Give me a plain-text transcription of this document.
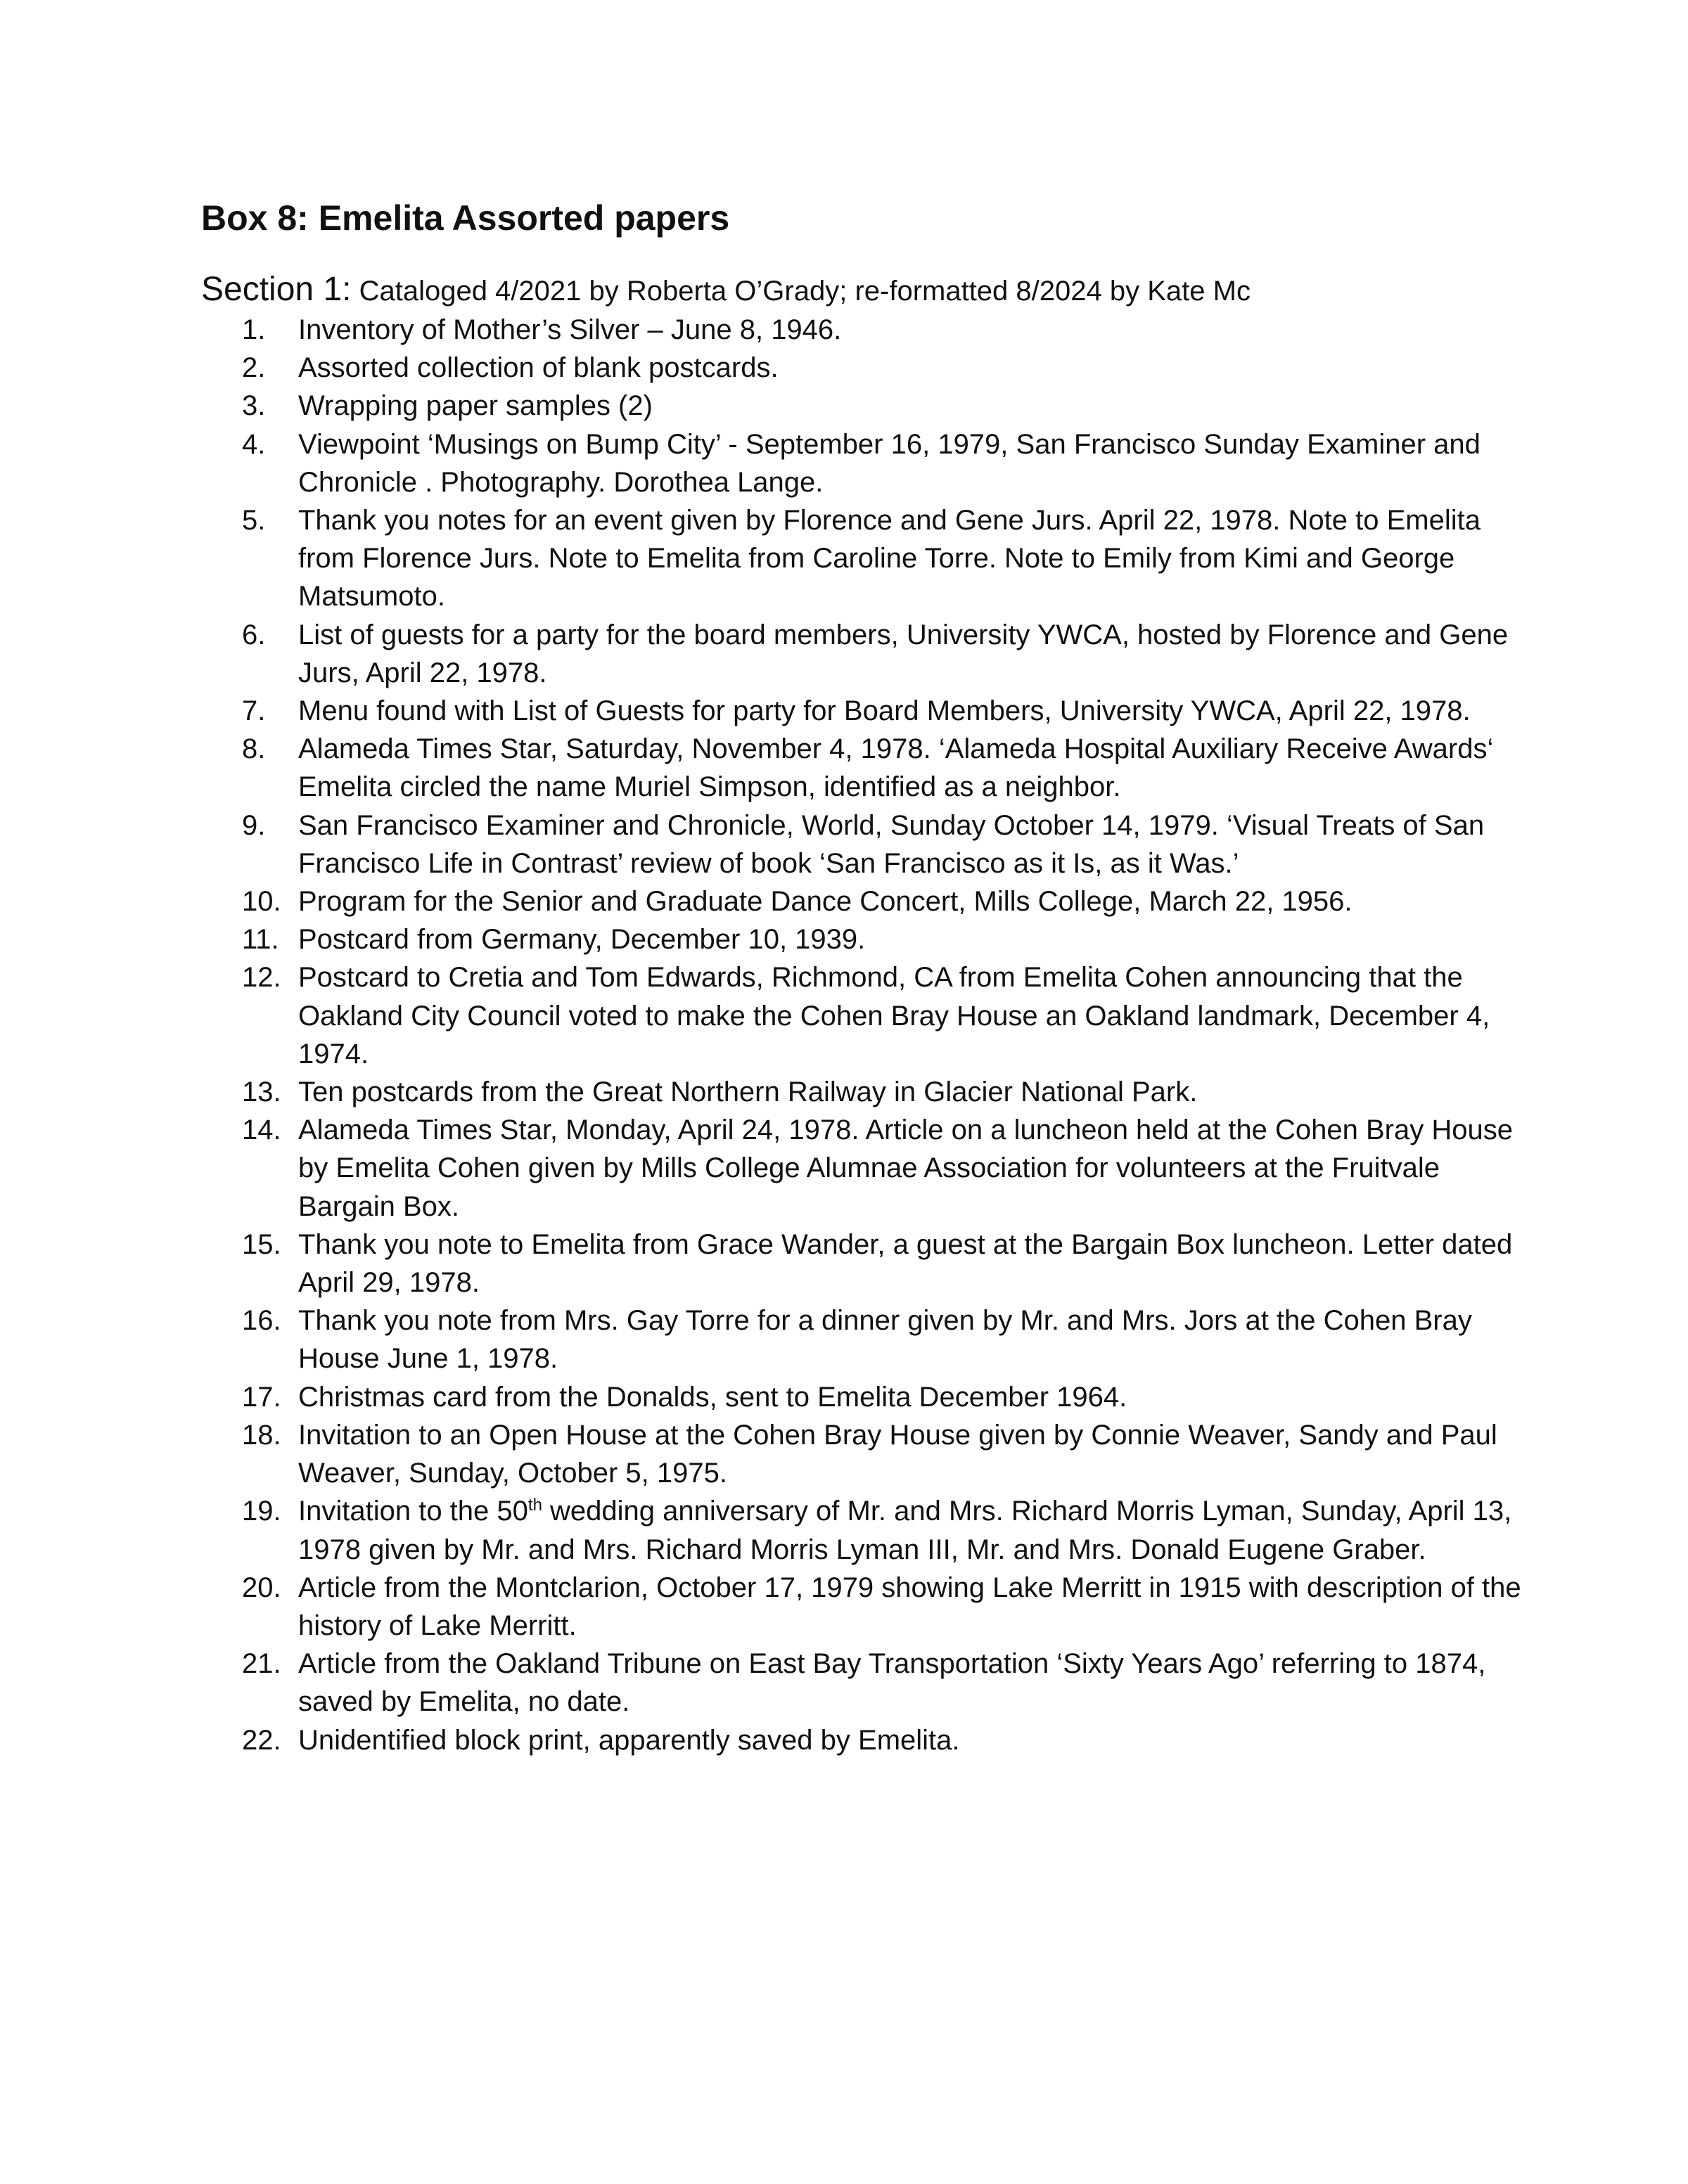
Box 8: Emelita Assorted papers

Section 1: Cataloged 4/2021 by Roberta O’Grady; re-formatted 8/2024 by Kate Mc

1. Inventory of Mother’s Silver – June 8, 1946.
2. Assorted collection of blank postcards.
3. Wrapping paper samples (2)
4. Viewpoint ‘Musings on Bump City’ - September 16, 1979, San Francisco Sunday Examiner and Chronicle . Photography. Dorothea Lange.
5. Thank you notes for an event given by Florence and Gene Jurs. April 22, 1978. Note to Emelita from Florence Jurs. Note to Emelita from Caroline Torre. Note to Emily from Kimi and George Matsumoto.
6. List of guests for a party for the board members, University YWCA, hosted by Florence and Gene Jurs, April 22, 1978.
7. Menu found with List of Guests for party for Board Members, University YWCA, April 22, 1978.
8. Alameda Times Star, Saturday, November 4, 1978. ‘Alameda Hospital Auxiliary Receive Awards‘ Emelita circled the name Muriel Simpson, identified as a neighbor.
9. San Francisco Examiner and Chronicle, World, Sunday October 14, 1979. ‘Visual Treats of San Francisco Life in Contrast’ review of book ‘San Francisco as it Is, as it Was.’
10. Program for the Senior and Graduate Dance Concert, Mills College, March 22, 1956.
11. Postcard from Germany, December 10, 1939.
12. Postcard to Cretia and Tom Edwards, Richmond, CA from Emelita Cohen announcing that the Oakland City Council voted to make the Cohen Bray House an Oakland landmark, December 4, 1974.
13. Ten postcards from the Great Northern Railway in Glacier National Park.
14. Alameda Times Star, Monday, April 24, 1978. Article on a luncheon held at the Cohen Bray House by Emelita Cohen given by Mills College Alumnae Association for volunteers at the Fruitvale Bargain Box.
15. Thank you note to Emelita from Grace Wander, a guest at the Bargain Box luncheon. Letter dated April 29, 1978.
16. Thank you note from Mrs. Gay Torre for a dinner given by Mr. and Mrs. Jors at the Cohen Bray House June 1, 1978.
17. Christmas card from the Donalds, sent to Emelita December 1964.
18. Invitation to an Open House at the Cohen Bray House given by Connie Weaver, Sandy and Paul Weaver, Sunday, October 5, 1975.
19. Invitation to the 50th wedding anniversary of Mr. and Mrs. Richard Morris Lyman, Sunday, April 13, 1978 given by Mr. and Mrs. Richard Morris Lyman III, Mr. and Mrs. Donald Eugene Graber.
20. Article from the Montclarion, October 17, 1979 showing Lake Merritt in 1915 with description of the history of Lake Merritt.
21. Article from the Oakland Tribune on East Bay Transportation ‘Sixty Years Ago’ referring to 1874, saved by Emelita, no date.
22. Unidentified block print, apparently saved by Emelita.
